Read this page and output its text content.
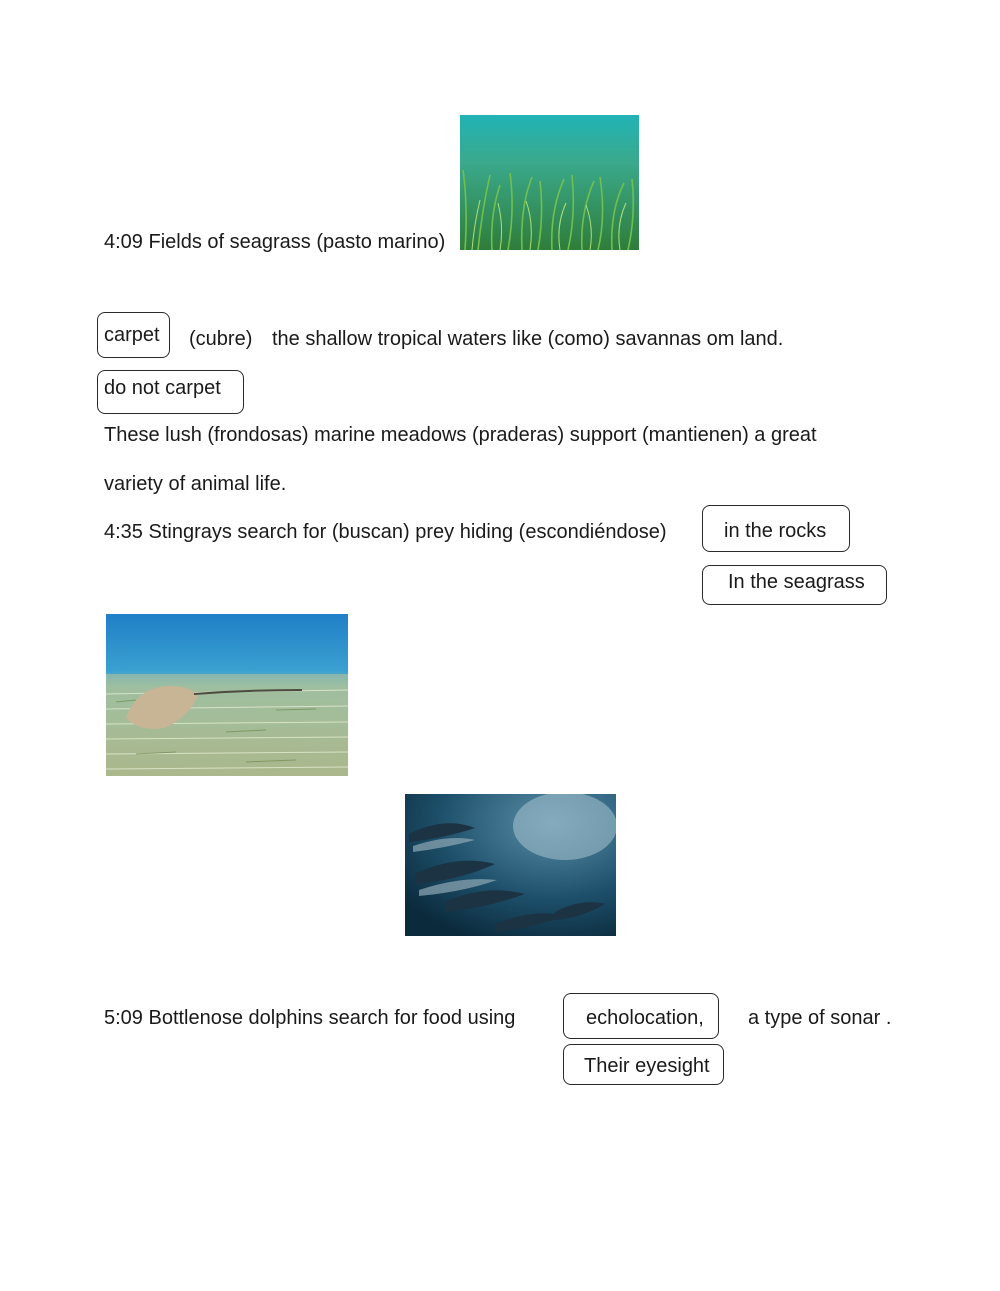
4:09 Fields of seagrass (pasto marino)
carpet	(cubre) the shallow tropical waters like (como) savannas om land.
do not carpet
These lush (frondosas) marine meadows (praderas) support (mantienen) a great
variety of animal life.
4:35 Stingrays search for (buscan) prey hiding (escondiéndose)	in the rocks
In the seagrass
5:09 Bottlenose dolphins search for food using	echolocation,	a type of sonar .
Their eyesight
